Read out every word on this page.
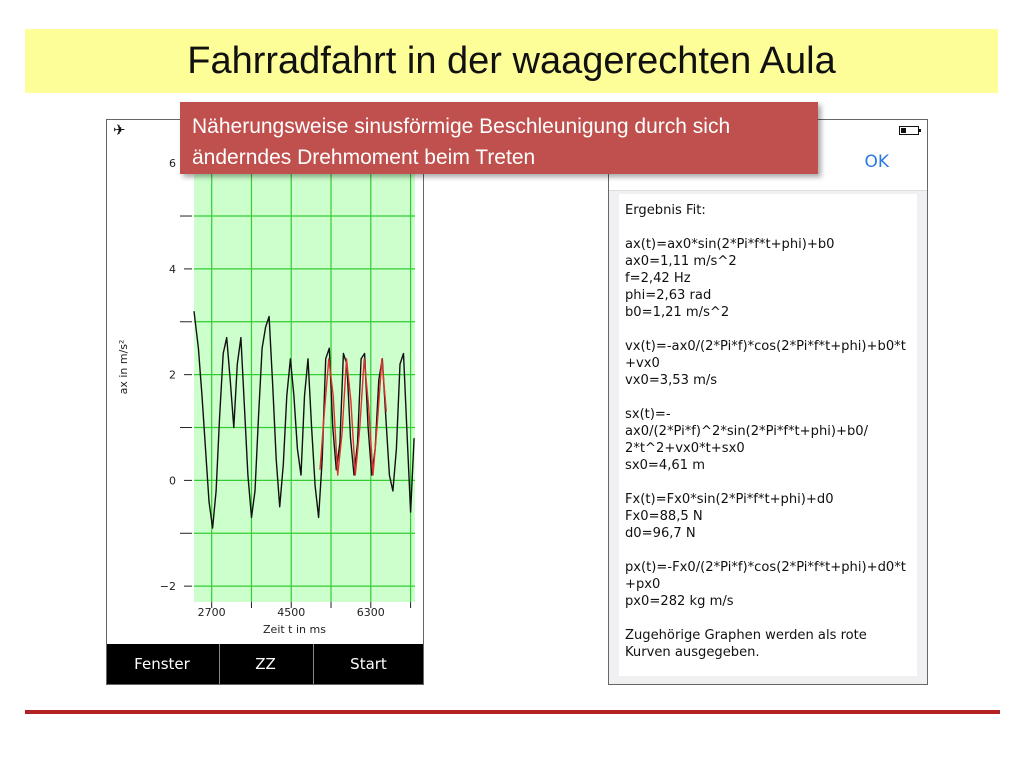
Fahrradfahrt in der waagerechten Aula
✈
6
4
2
0
−2
2700	4500	6300
ax in m/s²
Zeit t in ms
Fenster	ZZ	Start
OK
Ergebnis Fit:

ax(t)=ax0*sin(2*Pi*f*t+phi)+b0
ax0=1,11 m/s^2
f=2,42 Hz
phi=2,63 rad
b0=1,21 m/s^2

vx(t)=-ax0/(2*Pi*f)*cos(2*Pi*f*t+phi)+b0*t
+vx0
vx0=3,53 m/s

sx(t)=-ax0/(2*Pi*f)^2*sin(2*Pi*f*t+phi)+b0/
2*t^2+vx0*t+sx0
sx0=4,61 m

Fx(t)=Fx0*sin(2*Pi*f*t+phi)+d0
Fx0=88,5 N
d0=96,7 N

px(t)=-Fx0/(2*Pi*f)*cos(2*Pi*f*t+phi)+d0*t
+px0
px0=282 kg m/s

Zugehörige Graphen werden als rote
Kurven ausgegeben.
Näherungsweise sinusförmige Beschleunigung durch sich änderndes Drehmoment beim Treten
